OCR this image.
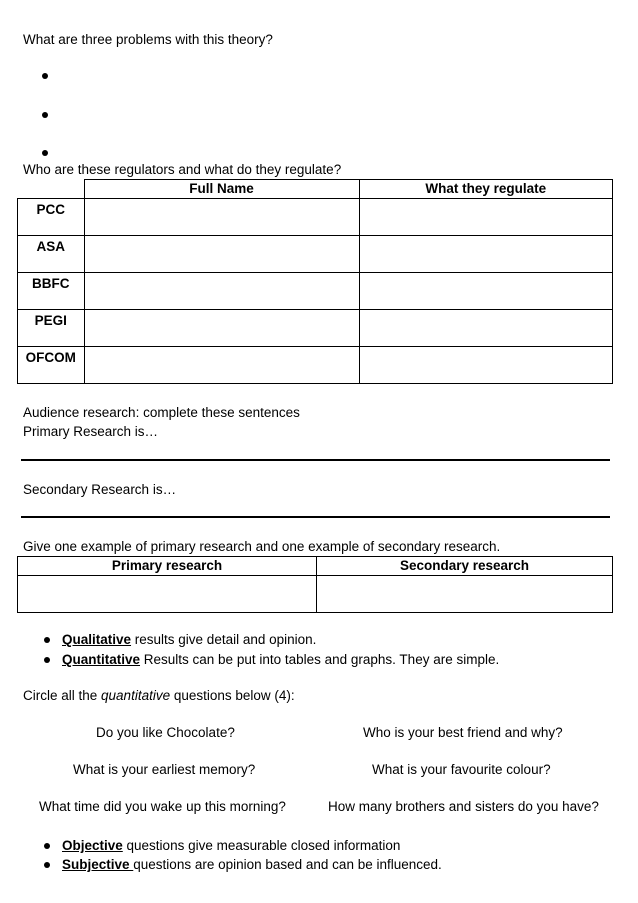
What are three problems with this theory?
Who are these regulators and what do they regulate?
	Full Name	What they regulate
PCC		
ASA		
BBFC		
PEGI		
OFCOM		
Audience research: complete these sentences
Primary Research is…
Secondary Research is…
Give one example of primary research and one example of secondary research.
Primary research	Secondary research

Qualitative results give detail and opinion.
Quantitative Results can be put into tables and graphs. They are simple.
Circle all the quantitative questions below (4):
Do you like Chocolate?	Who is your best friend and why?
What is your earliest memory?	What is your favourite colour?
What time did you wake up this morning?	How many brothers and sisters do you have?
Objective questions give measurable closed information
Subjective questions are opinion based and can be influenced.
